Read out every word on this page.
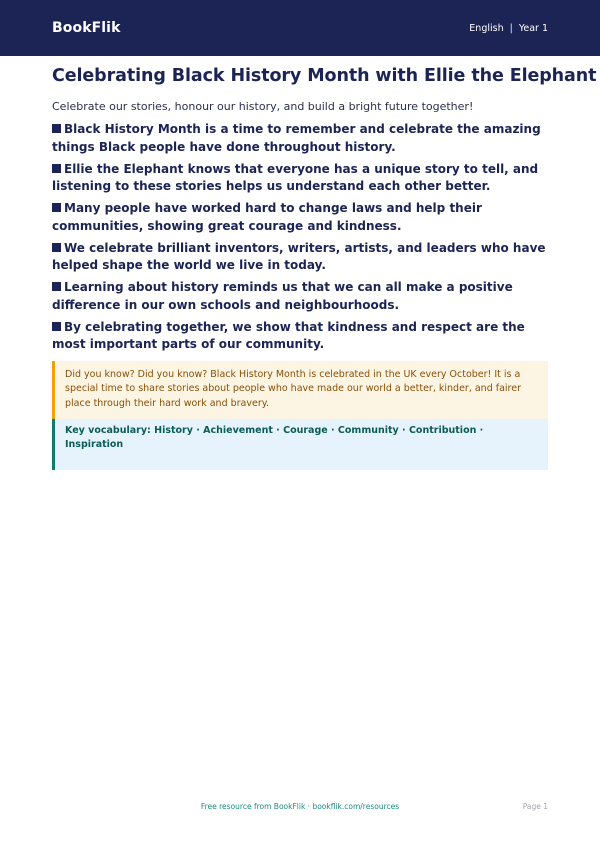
BookFlik	English | Year 1
Celebrating Black History Month with Ellie the Elephant

Celebrate our stories, honour our history, and build a bright future together!

Black History Month is a time to remember and celebrate the amazing things Black people have done throughout history.
Ellie the Elephant knows that everyone has a unique story to tell, and listening to these stories helps us understand each other better.
Many people have worked hard to change laws and help their communities, showing great courage and kindness.
We celebrate brilliant inventors, writers, artists, and leaders who have helped shape the world we live in today.
Learning about history reminds us that we can all make a positive difference in our own schools and neighbourhoods.
By celebrating together, we show that kindness and respect are the most important parts of our community.
Did you know? Did you know? Black History Month is celebrated in the UK every October! It is a special time to share stories about people who have made our world a better, kinder, and fairer place through their hard work and bravery.
Key vocabulary: History · Achievement · Courage · Community · Contribution · Inspiration
Free resource from BookFlik · bookflik.com/resources	Page 1
